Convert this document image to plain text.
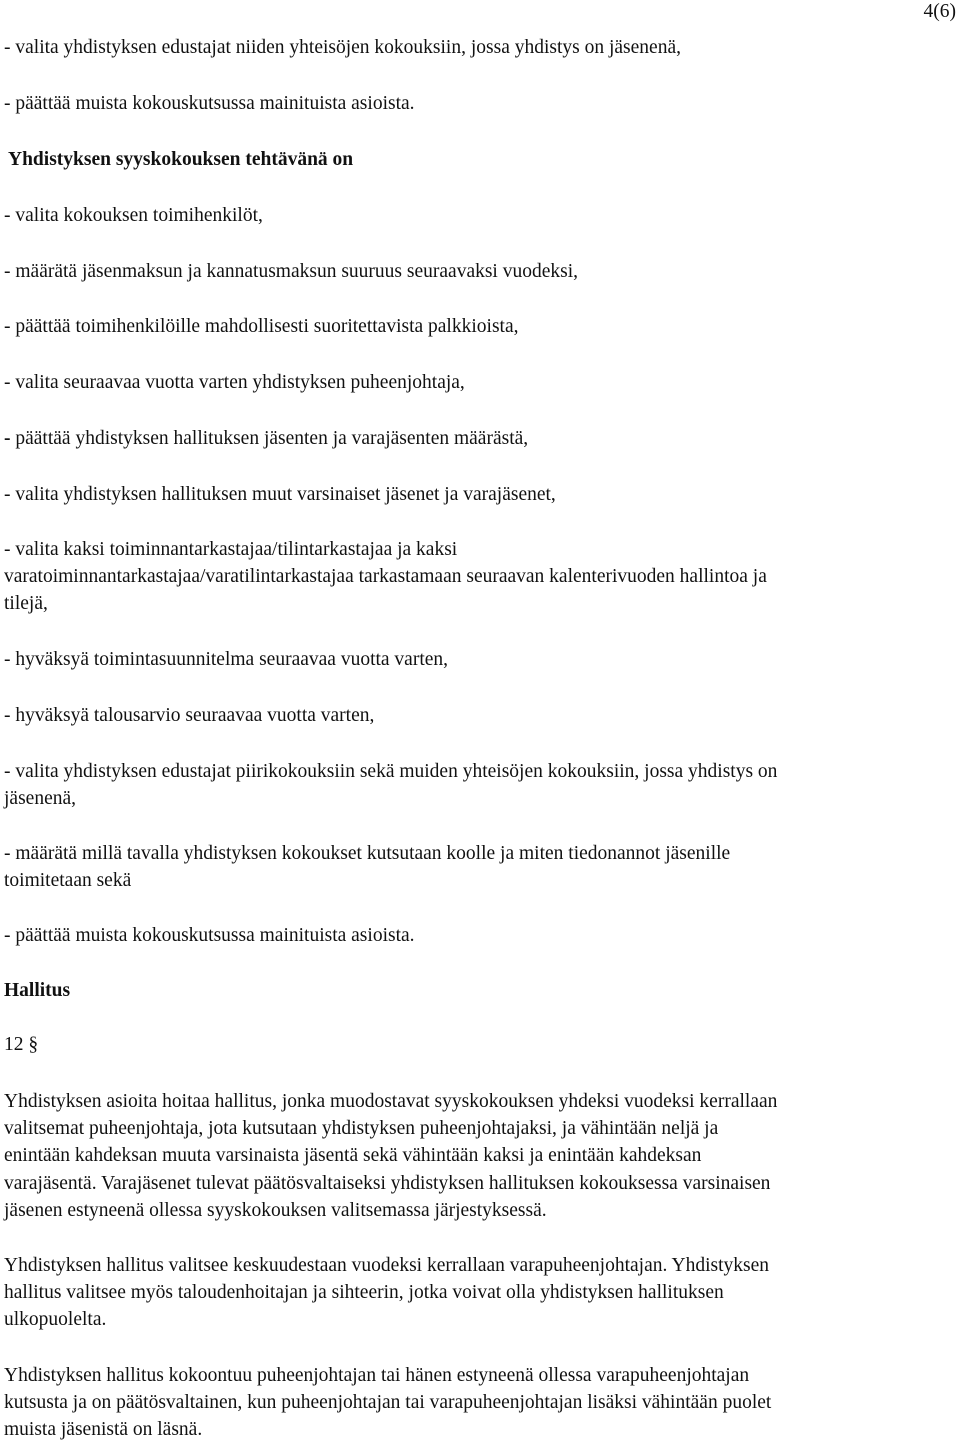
4(6)
- valita yhdistyksen edustajat niiden yhteisöjen kokouksiin, jossa yhdistys on jäsenenä,
- päättää muista kokouskutsussa mainituista asioista.
Yhdistyksen syyskokouksen tehtävänä on
- valita kokouksen toimihenkilöt,
- määrätä jäsenmaksun ja kannatusmaksun suuruus seuraavaksi vuodeksi,
- päättää toimihenkilöille mahdollisesti suoritettavista palkkioista,
- valita seuraavaa vuotta varten yhdistyksen puheenjohtaja,
- päättää yhdistyksen hallituksen jäsenten ja varajäsenten määrästä,
- valita yhdistyksen hallituksen muut varsinaiset jäsenet ja varajäsenet,
- valita kaksi toiminnantarkastajaa/tilintarkastajaa ja kaksi
varatoiminnantarkastajaa/varatilintarkastajaa tarkastamaan seuraavan kalenterivuoden hallintoa ja
tilejä,
- hyväksyä toimintasuunnitelma seuraavaa vuotta varten,
- hyväksyä talousarvio seuraavaa vuotta varten,
- valita yhdistyksen edustajat piirikokouksiin sekä muiden yhteisöjen kokouksiin, jossa yhdistys on
jäsenenä,
- määrätä millä tavalla yhdistyksen kokoukset kutsutaan koolle ja miten tiedonannot jäsenille
toimitetaan sekä
- päättää muista kokouskutsussa mainituista asioista.
Hallitus
12 §
Yhdistyksen asioita hoitaa hallitus, jonka muodostavat syyskokouksen yhdeksi vuodeksi kerrallaan
valitsemat puheenjohtaja, jota kutsutaan yhdistyksen puheenjohtajaksi, ja vähintään neljä ja
enintään kahdeksan muuta varsinaista jäsentä sekä vähintään kaksi ja enintään kahdeksan
varajäsentä. Varajäsenet tulevat päätösvaltaiseksi yhdistyksen hallituksen kokouksessa varsinaisen
jäsenen estyneenä ollessa syyskokouksen valitsemassa järjestyksessä.
Yhdistyksen hallitus valitsee keskuudestaan vuodeksi kerrallaan varapuheenjohtajan. Yhdistyksen
hallitus valitsee myös taloudenhoitajan ja sihteerin, jotka voivat olla yhdistyksen hallituksen
ulkopuolelta.
Yhdistyksen hallitus kokoontuu puheenjohtajan tai hänen estyneenä ollessa varapuheenjohtajan
kutsusta ja on päätösvaltainen, kun puheenjohtajan tai varapuheenjohtajan lisäksi vähintään puolet
muista jäsenistä on läsnä.
